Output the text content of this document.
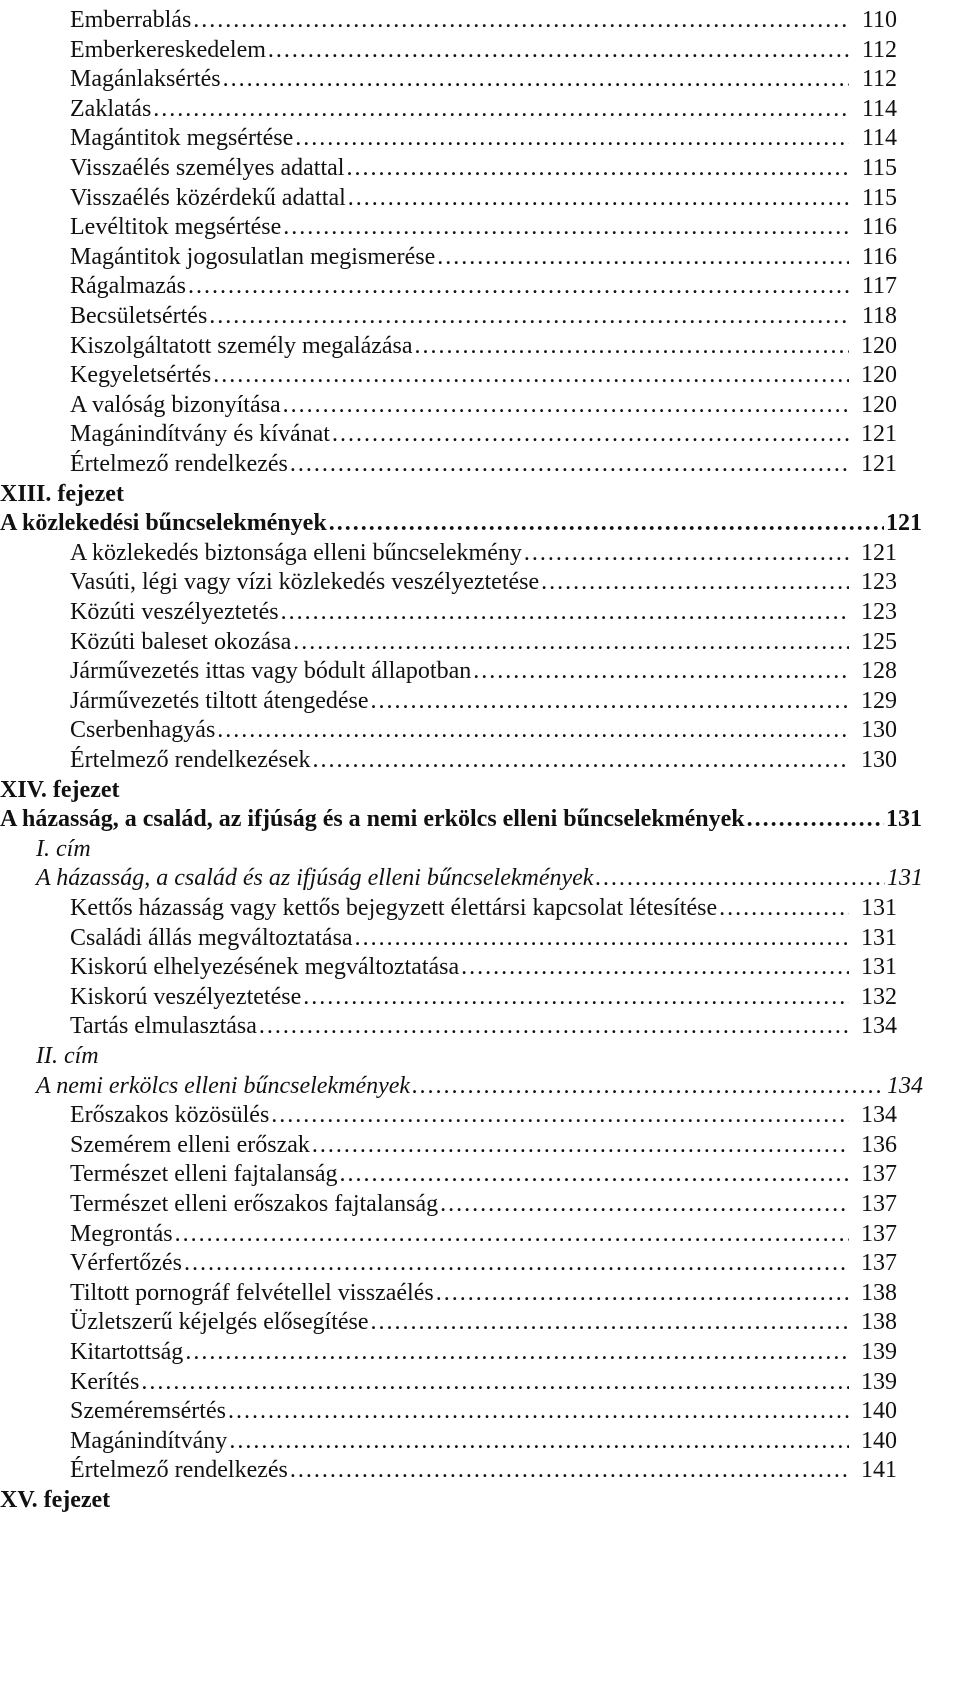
Emberrablás . . .	110
Emberkereskedelem . . .	112
Magánlaksértés . . .	112
Zaklatás . . .	114
Magántitok megsértése . . .	114
Visszaélés személyes adattal . . .	115
Visszaélés közérdekű adattal . . .	115
Levéltitok megsértése . . .	116
Magántitok jogosulatlan megismerése . . .	116
Rágalmazás . . .	117
Becsületsértés . . .	118
Kiszolgáltatott személy megalázása . . .	120
Kegyeletsértés . . .	120
A valóság bizonyítása . . .	120
Magánindítvány és kívánat . . .	121
Értelmező rendelkezés . . .	121
XIII. fejezet
A közlekedési bűncselekmények . . .	121
A közlekedés biztonsága elleni bűncselekmény . . .	121
Vasúti, légi vagy vízi közlekedés veszélyeztetése . . .	123
Közúti veszélyeztetés . . .	123
Közúti baleset okozása . . .	125
Járművezetés ittas vagy bódult állapotban . . .	128
Járművezetés tiltott átengedése . . .	129
Cserbenhagyás . . .	130
Értelmező rendelkezések . . .	130
XIV. fejezet
A házasság, a család, az ifjúság és a nemi erkölcs elleni bűncselekmények . . .	131
I. cím
A házasság, a család és az ifjúság elleni bűncselekmények . . .	131
Kettős házasság vagy kettős bejegyzett élettársi kapcsolat létesítése . . .	131
Családi állás megváltoztatása . . .	131
Kiskorú elhelyezésének megváltoztatása . . .	131
Kiskorú veszélyeztetése . . .	132
Tartás elmulasztása . . .	134
II. cím
A nemi erkölcs elleni bűncselekmények . . .	134
Erőszakos közösülés . . .	134
Szemérem elleni erőszak . . .	136
Természet elleni fajtalanság . . .	137
Természet elleni erőszakos fajtalanság . . .	137
Megrontás . . .	137
Vérfertőzés . . .	137
Tiltott pornográf felvétellel visszaélés . . .	138
Üzletszerű kéjelgés elősegítése . . .	138
Kitartottság . . .	139
Kerítés . . .	139
Szeméremsértés . . .	140
Magánindítvány . . .	140
Értelmező rendelkezés . . .	141
XV. fejezet
